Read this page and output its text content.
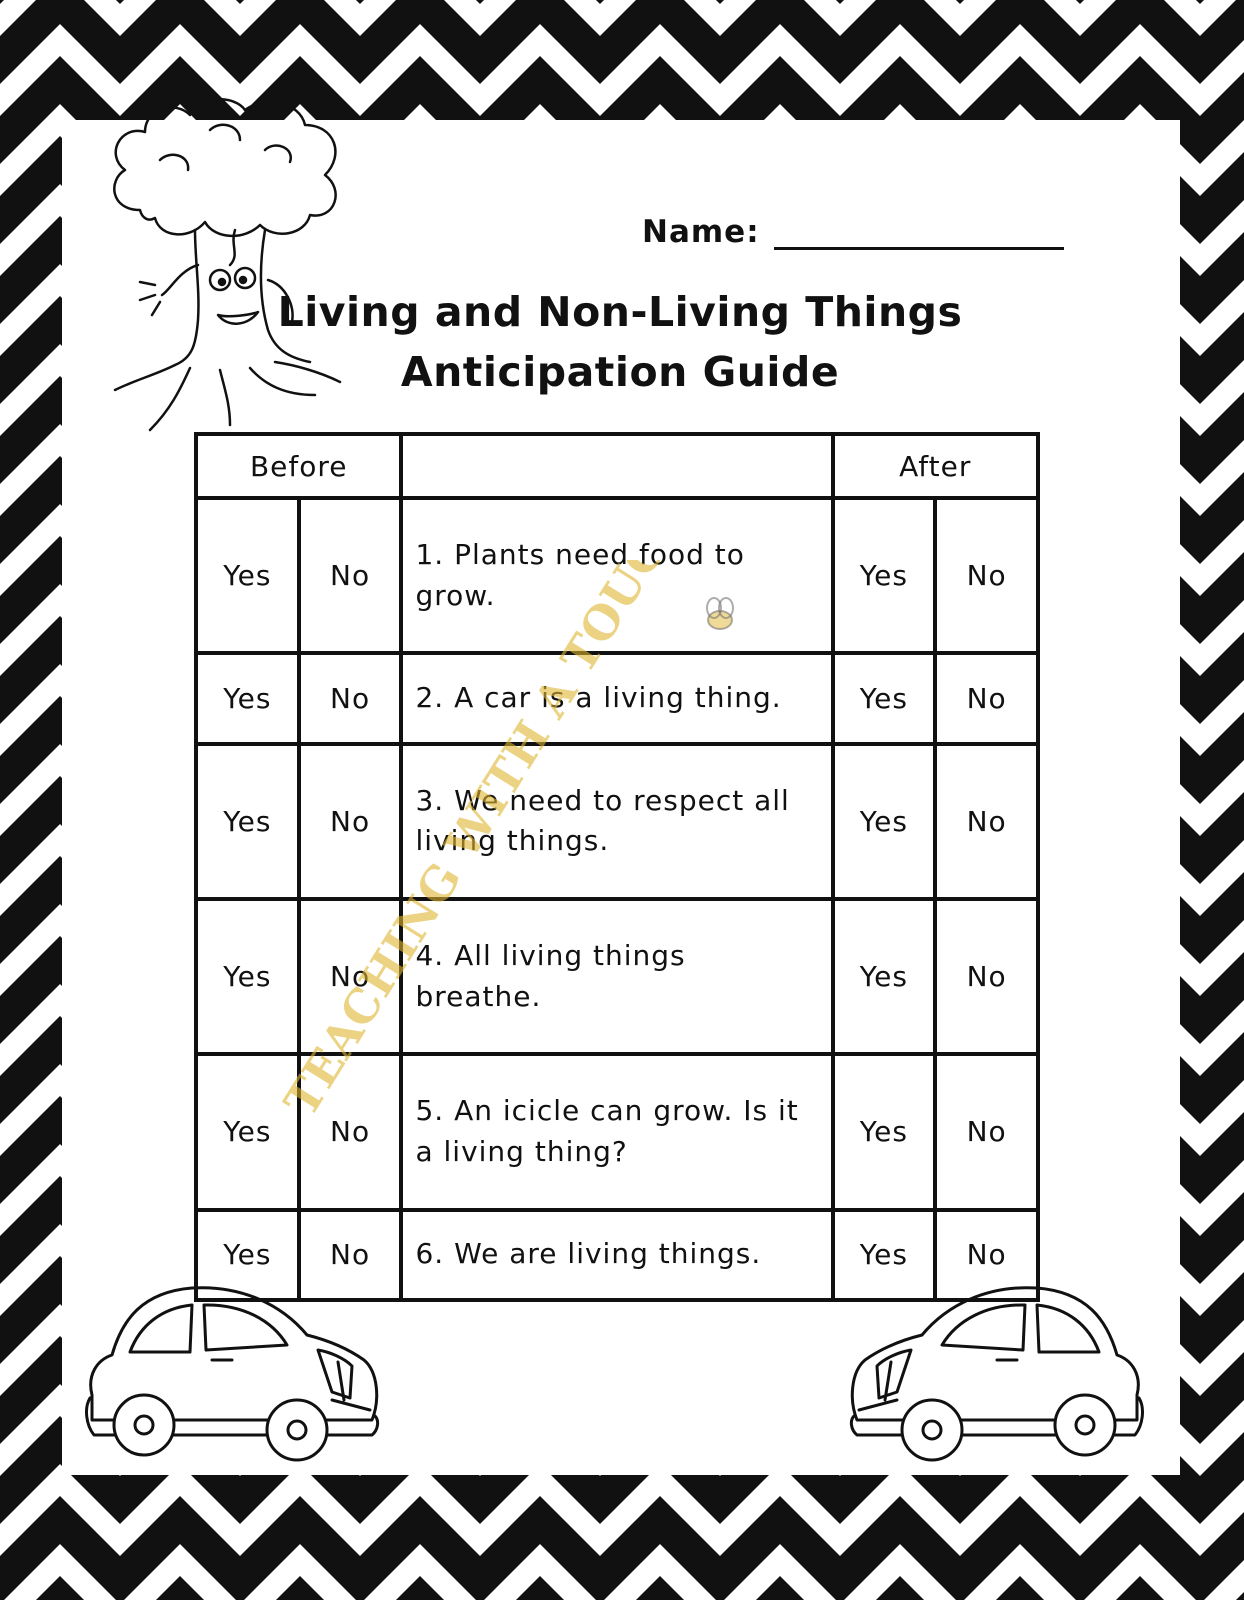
Name:
Living and Non-Living Things
Anticipation Guide
Before			After	
Yes	No	1. Plants need food to grow.	Yes	No
Yes	No	2. A car is a living thing.	Yes	No
Yes	No	3. We need to respect all living things.	Yes	No
Yes	No	4. All living things breathe.	Yes	No
Yes	No	5. An icicle can grow. Is it a living thing?	Yes	No
Yes	No	6. We are living things.	Yes	No
